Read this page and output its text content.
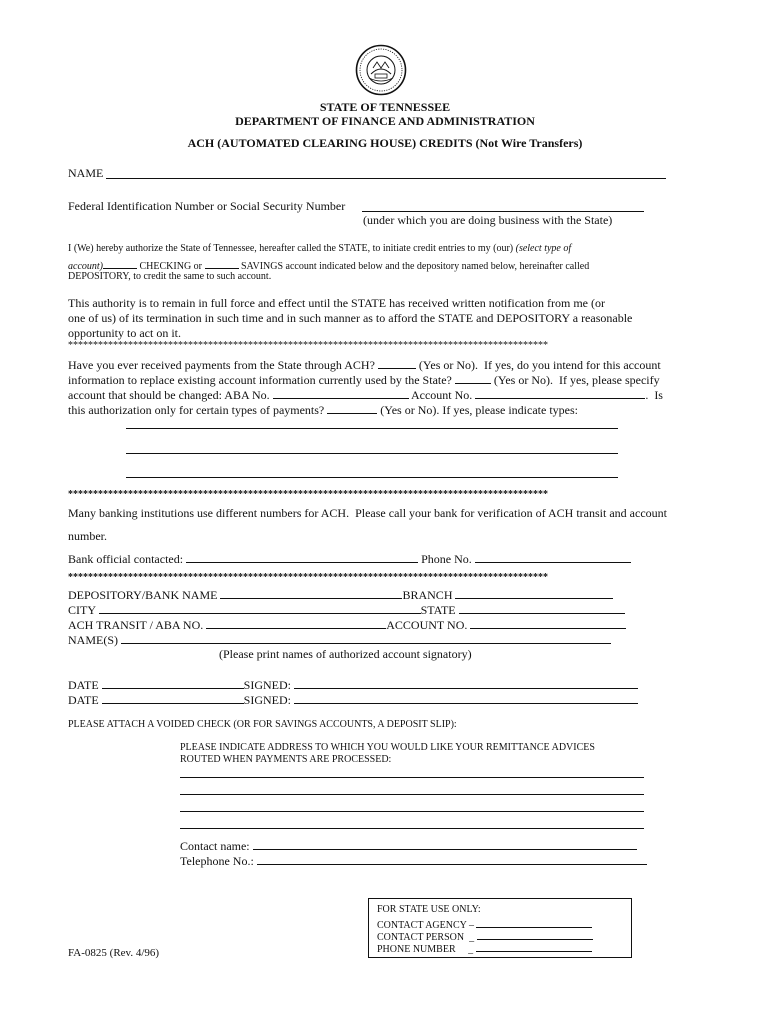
STATE OF TENNESSEE
DEPARTMENT OF FINANCE AND ADMINISTRATION
ACH (AUTOMATED CLEARING HOUSE) CREDITS (Not Wire Transfers)
NAME
Federal Identification Number or Social Security Number
(under which you are doing business with the State)
I (We) hereby authorize the State of Tennessee, hereafter called the STATE, to initiate credit entries to my (our) (select type of
account)	CHECKING or	SAVINGS account indicated below and the depository named below, hereinafter called
DEPOSITORY, to credit the same to such account.
This authority is to remain in full force and effect until the STATE has received written notification from me (or
one of us) of its termination in such time and in such manner as to afford the STATE and DEPOSITORY a reasonable
opportunity to act on it.
************************************************************************************************
Have you ever received payments from the State through ACH?	(Yes or No).  If yes, do you intend for this account
information to replace existing account information currently used by the State?	(Yes or No).  If yes, please specify
account that should be changed: ABA No.	Account No.	.  Is
this authorization only for certain types of payments?	(Yes or No). If yes, please indicate types:
************************************************************************************************
Many banking institutions use different numbers for ACH.  Please call your bank for verification of ACH transit and account
number.
Bank official contacted:	Phone No.
************************************************************************************************
DEPOSITORY/BANK NAME	BRANCH
CITY	STATE
ACH TRANSIT / ABA NO.	ACCOUNT NO.
NAME(S)
(Please print names of authorized account signatory)
DATE	SIGNED:
DATE	SIGNED:
PLEASE ATTACH A VOIDED CHECK (OR FOR SAVINGS ACCOUNTS, A DEPOSIT SLIP):
PLEASE INDICATE ADDRESS TO WHICH YOU WOULD LIKE YOUR REMITTANCE ADVICES
ROUTED WHEN PAYMENTS ARE PROCESSED:
Contact name:
Telephone No.:
FOR STATE USE ONLY:
CONTACT AGENCY –
CONTACT PERSON  _
PHONE NUMBER     _
FA-0825 (Rev. 4/96)
